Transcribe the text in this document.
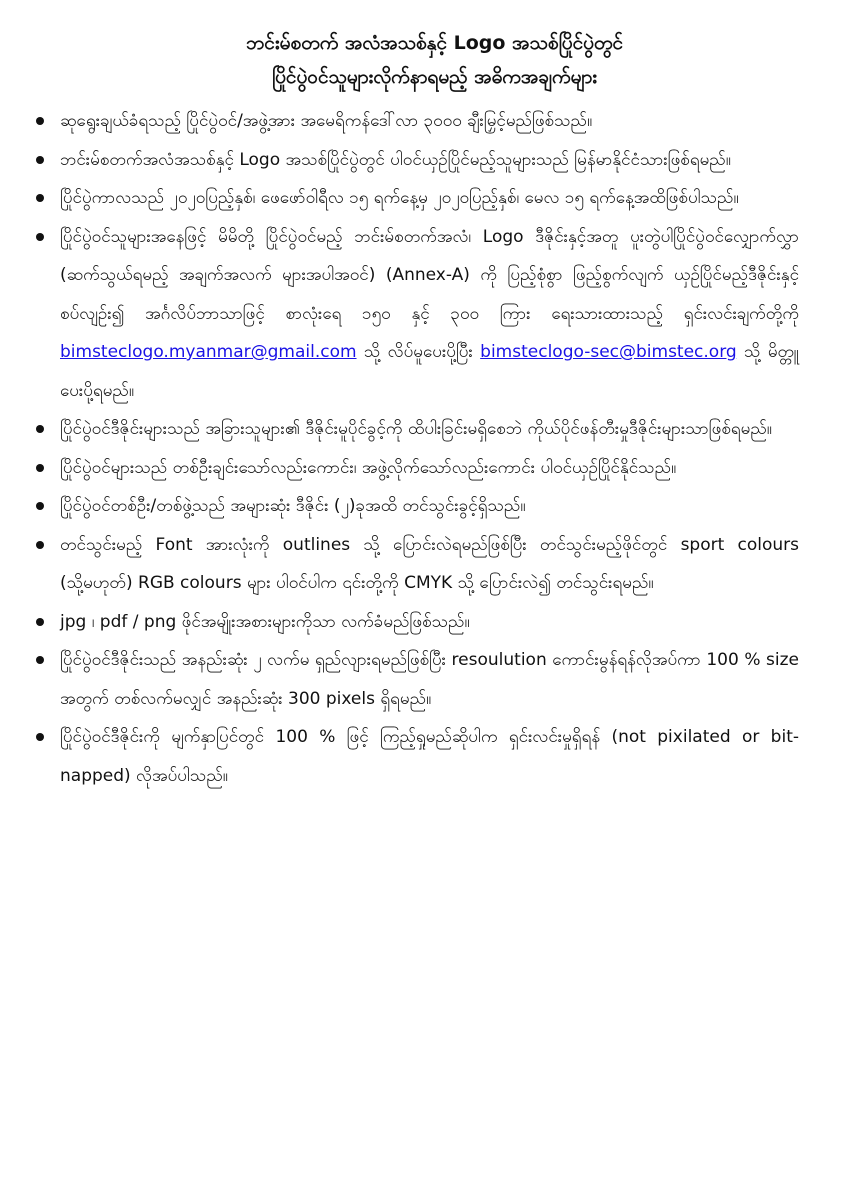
ဘင်းမ်စတက် အလံအသစ်နှင့် Logo အသစ်ပြိုင်ပွဲတွင်
ပြိုင်ပွဲဝင်သူများလိုက်နာရမည့် အဓိကအချက်များ
ဆုရွေးချယ်ခံရသည့် ပြိုင်ပွဲဝင်/အဖွဲ့အား အမေရိကန်ဒေါ်လာ ၃၀၀၀ ချီးမြှင့်မည်ဖြစ်သည်။
ဘင်းမ်စတက်အလံအသစ်နှင့် Logo အသစ်ပြိုင်ပွဲတွင် ပါဝင်ယှဉ်ပြိုင်မည့်သူများသည် မြန်မာနိုင်ငံသားဖြစ်ရမည်။
ပြိုင်ပွဲကာလသည် ၂၀၂၀ပြည့်နှစ်၊ ဖေဖော်ဝါရီလ ၁၅ ရက်နေ့မှ ၂၀၂၀ပြည့်နှစ်၊ မေလ ၁၅ ရက်နေ့အထိဖြစ်ပါသည်။
ပြိုင်ပွဲဝင်သူများအနေဖြင့် မိမိတို့ ပြိုင်ပွဲဝင်မည့် ဘင်းမ်စတက်အလံ၊ Logo ဒီဇိုင်းနှင့်အတူ ပူးတွဲပါပြိုင်ပွဲဝင်လျှောက်လွှာ (ဆက်သွယ်ရမည့် အချက်အလက် များအပါအဝင်) (Annex-A) ကို ပြည့်စုံစွာ ဖြည့်စွက်လျက် ယှဉ်ပြိုင်မည့်ဒီဇိုင်းနှင့် စပ်လျဉ်း၍ အင်္ဂလိပ်ဘာသာဖြင့် စာလုံးရေ ၁၅၀ နှင့် ၃၀၀ ကြား ရေးသားထားသည့် ရှင်းလင်းချက်တို့ကို bimsteclogo.myanmar@gmail.com သို့ လိပ်မူပေးပို့ပြီး bimsteclogo-sec@bimstec.org သို့ မိတ္တူပေးပို့ရမည်။
ပြိုင်ပွဲဝင်ဒီဇိုင်းများသည် အခြားသူများ၏ ဒီဇိုင်းမူပိုင်ခွင့်ကို ထိပါးခြင်းမရှိစေဘဲ ကိုယ်ပိုင်ဖန်တီးမှုဒီဇိုင်းများသာဖြစ်ရမည်။
ပြိုင်ပွဲဝင်များသည် တစ်ဦးချင်းသော်လည်းကောင်း၊ အဖွဲ့လိုက်သော်လည်းကောင်း ပါဝင်ယှဉ်ပြိုင်နိုင်သည်။
ပြိုင်ပွဲဝင်တစ်ဦး/တစ်ဖွဲ့သည် အများဆုံး ဒီဇိုင်း (၂)ခုအထိ တင်သွင်းခွင့်ရှိသည်။
တင်သွင်းမည့် Font အားလုံးကို outlines သို့ ပြောင်းလဲရမည်ဖြစ်ပြီး တင်သွင်းမည့်ဖိုင်တွင် sport colours (သို့မဟုတ်) RGB colours များ ပါဝင်ပါက ၎င်းတို့ကို CMYK သို့ ပြောင်းလဲ၍ တင်သွင်းရမည်။
jpg ၊ pdf / png ဖိုင်အမျိုးအစားများကိုသာ လက်ခံမည်ဖြစ်သည်။
ပြိုင်ပွဲဝင်ဒီဇိုင်းသည် အနည်းဆုံး ၂ လက်မ ရှည်လျားရမည်ဖြစ်ပြီး resoulution ကောင်းမွန်ရန်လိုအပ်ကာ 100 % size အတွက် တစ်လက်မလျှင် အနည်းဆုံး 300 pixels ရှိရမည်။
ပြိုင်ပွဲဝင်ဒီဇိုင်းကို မျက်နှာပြင်တွင် 100 % ဖြင့် ကြည့်ရှုမည်ဆိုပါက ရှင်းလင်းမှုရှိရန် (not pixilated or bit-napped) လိုအပ်ပါသည်။
